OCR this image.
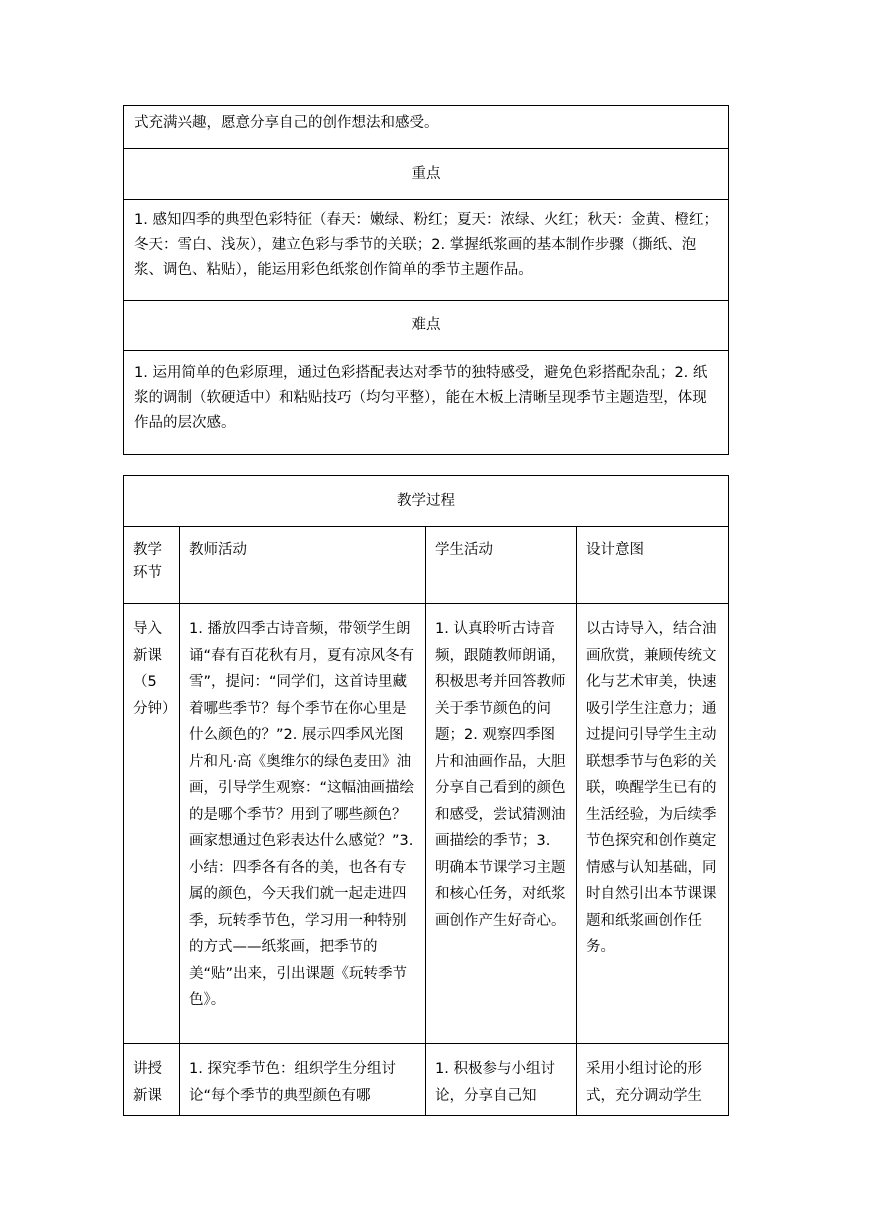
式充满兴趣，愿意分享自己的创作想法和感受。
重点

1. 感知四季的典型色彩特征（春天：嫩绿、粉红；夏天：浓绿、火红；秋天：金黄、橙红；冬天：雪白、浅灰），建立色彩与季节的关联；2. 掌握纸浆画的基本制作步骤（撕纸、泡浆、调色、粘贴），能运用彩色纸浆创作简单的季节主题作品。

难点

1. 运用简单的色彩原理，通过色彩搭配表达对季节的独特感受，避免色彩搭配杂乱；2. 纸浆的调制（软硬适中）和粘贴技巧（均匀平整），能在木板上清晰呈现季节主题造型，体现作品的层次感。
教学过程			

教学环节	教师活动	学生活动	设计意图

导入新课（5分钟）	1. 播放四季古诗音频，带领学生朗诵“春有百花秋有月，夏有凉风冬有雪”，提问：“同学们，这首诗里藏着哪些季节？每个季节在你心里是什么颜色的？”2. 展示四季风光图片和凡·高《奥维尔的绿色麦田》油画，引导学生观察：“这幅油画描绘的是哪个季节？用到了哪些颜色？画家想通过色彩表达什么感觉？”3. 小结：四季各有各的美，也各有专属的颜色，今天我们就一起走进四季，玩转季节色，学习用一种特别的方式——纸浆画，把季节的美“贴”出来，引出课题《玩转季节色》。	1. 认真聆听古诗音频，跟随教师朗诵，积极思考并回答教师关于季节颜色的问题；2. 观察四季图片和油画作品，大胆分享自己看到的颜色和感受，尝试猜测油画描绘的季节；3. 明确本节课学习主题和核心任务，对纸浆画创作产生好奇心。	以古诗导入，结合油画欣赏，兼顾传统文化与艺术审美，快速吸引学生注意力；通过提问引导学生主动联想季节与色彩的关联，唤醒学生已有的生活经验，为后续季节色探究和创作奠定情感与认知基础，同时自然引出本节课课题和纸浆画创作任务。

讲授新课	1. 探究季节色：组织学生分组讨论“每个季节的典型颜色有哪	1. 积极参与小组讨论，分享自己知	采用小组讨论的形式，充分调动学生
